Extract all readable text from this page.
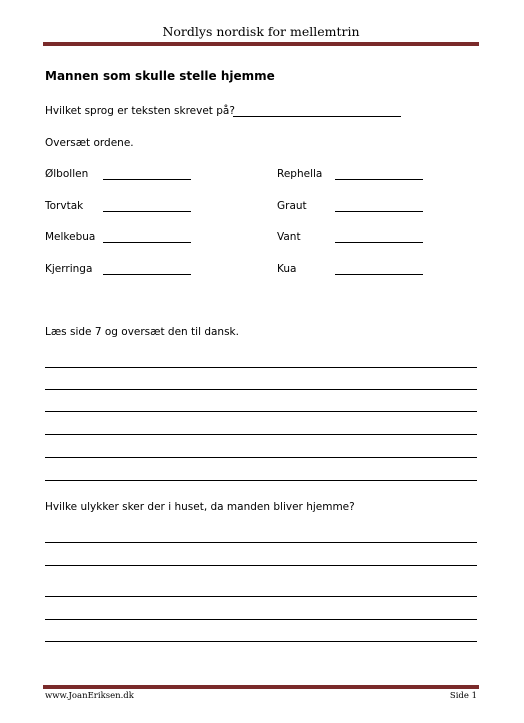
Nordlys nordisk for mellemtrin
Mannen som skulle stelle hjemme
Hvilket sprog er teksten skrevet på?
Oversæt ordene.
Ølbollen
Torvtak
Melkebua
Kjerringa
Rephella
Graut
Vant
Kua
Læs side 7 og oversæt den til dansk.
Hvilke ulykker sker der i huset, da manden bliver hjemme?
www.JoanEriksen.dk	Side 1
